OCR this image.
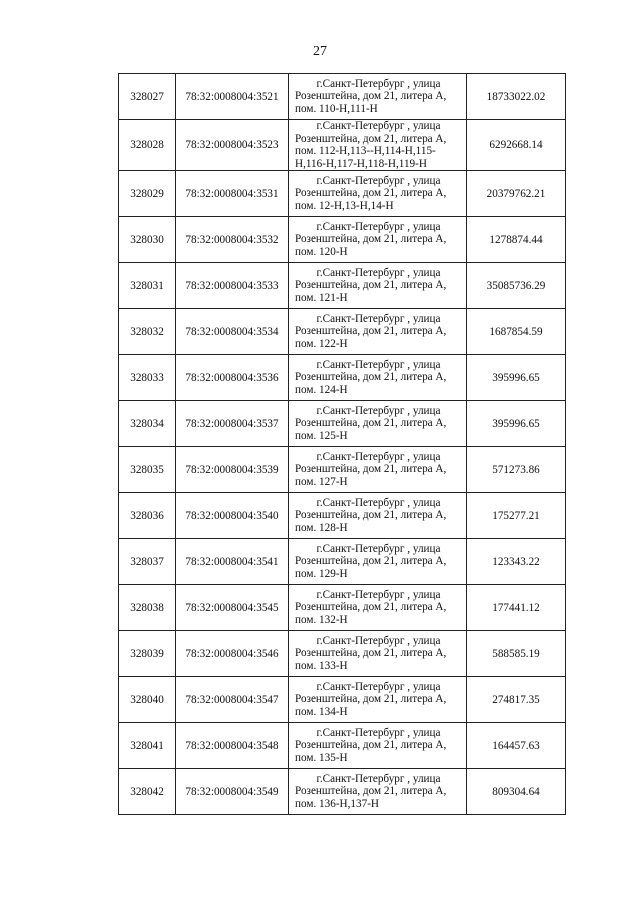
27
328027	78:32:0008004:3521	г.Санкт-Петербург , улица
Розенштейна, дом 21, литера А,
пом. 110-Н,111-Н	18733022.02
328028	78:32:0008004:3523	г.Санкт-Петербург , улица
Розенштейна, дом 21, литера А,
пом. 112-Н,113--Н,114-Н,115-
Н,116-Н,117-Н,118-Н,119-Н	6292668.14
328029	78:32:0008004:3531	г.Санкт-Петербург , улица
Розенштейна, дом 21, литера А,
пом. 12-Н,13-Н,14-Н	20379762.21
328030	78:32:0008004:3532	г.Санкт-Петербург , улица
Розенштейна, дом 21, литера А,
пом. 120-Н	1278874.44
328031	78:32:0008004:3533	г.Санкт-Петербург , улица
Розенштейна, дом 21, литера А,
пом. 121-Н	35085736.29
328032	78:32:0008004:3534	г.Санкт-Петербург , улица
Розенштейна, дом 21, литера А,
пом. 122-Н	1687854.59
328033	78:32:0008004:3536	г.Санкт-Петербург , улица
Розенштейна, дом 21, литера А,
пом. 124-Н	395996.65
328034	78:32:0008004:3537	г.Санкт-Петербург , улица
Розенштейна, дом 21, литера А,
пом. 125-Н	395996.65
328035	78:32:0008004:3539	г.Санкт-Петербург , улица
Розенштейна, дом 21, литера А,
пом. 127-Н	571273.86
328036	78:32:0008004:3540	г.Санкт-Петербург , улица
Розенштейна, дом 21, литера А,
пом. 128-Н	175277.21
328037	78:32:0008004:3541	г.Санкт-Петербург , улица
Розенштейна, дом 21, литера А,
пом. 129-Н	123343.22
328038	78:32:0008004:3545	г.Санкт-Петербург , улица
Розенштейна, дом 21, литера А,
пом. 132-Н	177441.12
328039	78:32:0008004:3546	г.Санкт-Петербург , улица
Розенштейна, дом 21, литера А,
пом. 133-Н	588585.19
328040	78:32:0008004:3547	г.Санкт-Петербург , улица
Розенштейна, дом 21, литера А,
пом. 134-Н	274817.35
328041	78:32:0008004:3548	г.Санкт-Петербург , улица
Розенштейна, дом 21, литера А,
пом. 135-Н	164457.63
328042	78:32:0008004:3549	г.Санкт-Петербург , улица
Розенштейна, дом 21, литера А,
пом. 136-Н,137-Н	809304.64
